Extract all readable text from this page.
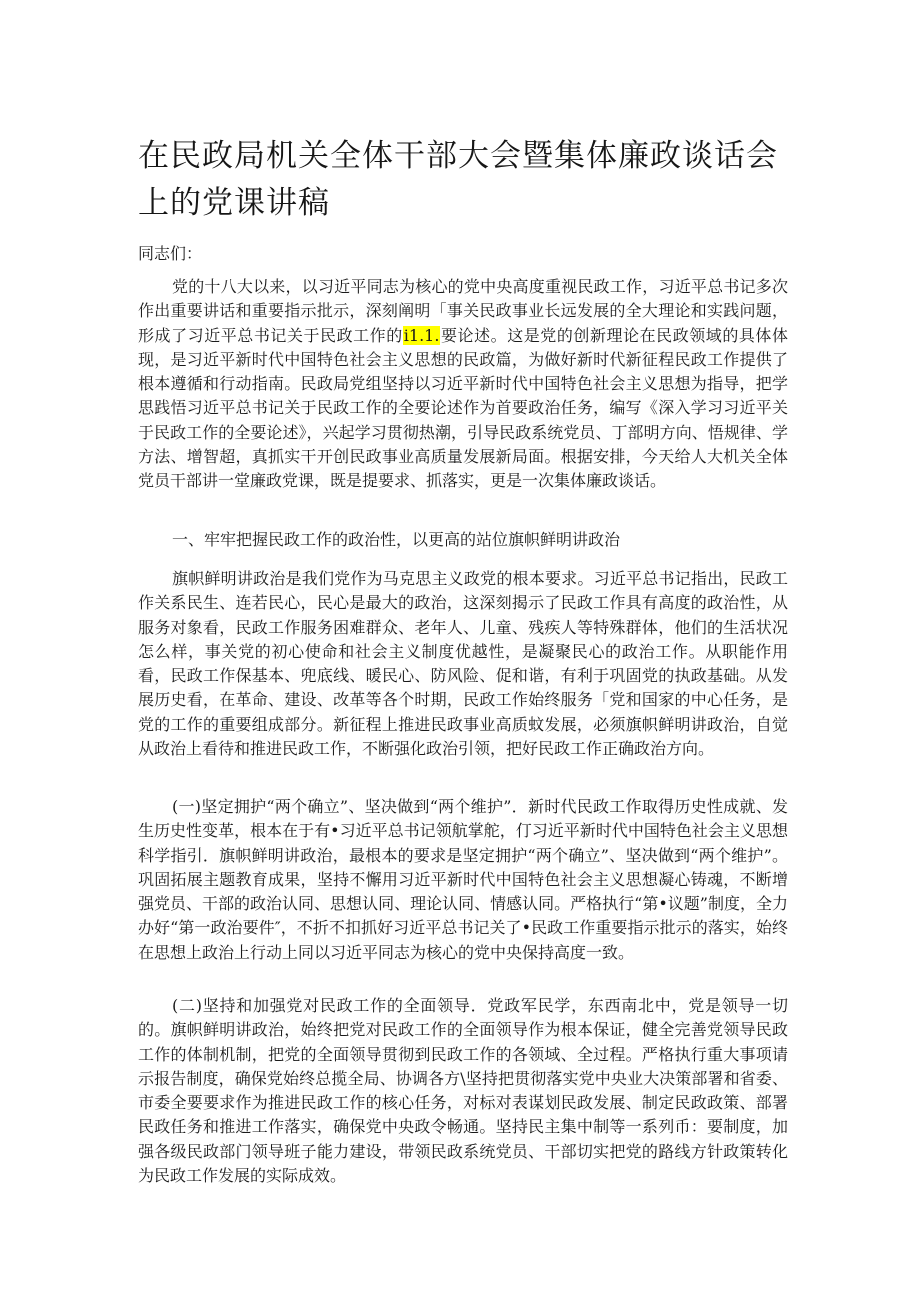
在民政局机关全体干部大会暨集体廉政谈话会上的党课讲稿

同志们：

党的十八大以来，以习近平同志为核心的党中央高度重视民政工作，习近平总书记多次作出重要讲话和重要指示批示，深刻阐明「事关民政事业长远发展的全大理论和实践问题，形成了习近平总书记关于民政工作的i1.1.要论述。这是党的创新理论在民政领域的具体体现，是习近平新时代中国特色社会主义思想的民政篇，为做好新时代新征程民政工作提供了根本遵循和行动指南。民政局党组坚持以习近平新时代中国特色社会主义思想为指导，把学思践悟习近平总书记关于民政工作的全要论述作为首要政治任务，编写《深入学习习近平关于民政工作的全要论述》，兴起学习贯彻热潮，引导民政系统党员、丁部明方向、悟规律、学方法、增智超，真抓实干开创民政事业高质量发展新局面。根据安排，今天给人大机关全体党员干部讲一堂廉政党课，既是提要求、抓落实，更是一次集体廉政谈话。

一、牢牢把握民政工作的政治性，以更高的站位旗帜鲜明讲政治

旗帜鲜明讲政治是我们党作为马克思主义政党的根本要求。习近平总书记指出，民政工作关系民生、连若民心，民心是最大的政治，这深刻揭示了民政工作具有高度的政治性，从服务对象看，民政工作服务困难群众、老年人、儿童、残疾人等特殊群体，他们的生活状况怎么样，事关党的初心使命和社会主义制度优越性，是凝聚民心的政治工作。从职能作用看，民政工作保基本、兜底线、暖民心、防风险、促和谐，有利于巩固党的执政基础。从发展历史看，在革命、建设、改革等各个时期，民政工作始终服务「党和国家的中心任务，是党的工作的重要组成部分。新征程上推进民政事业高质蚊发展，必须旗帜鲜明讲政治，自觉从政治上看待和推进民政工作，不断强化政治引领，把好民政工作正确政治方向。

(一)坚定拥护“两个确立”、坚决做到“两个维护”．新时代民政工作取得历史性成就、发生历史性变革，根本在于有•习近平总书记领航掌舵，仃习近平新时代中国特色社会主义思想科学指引．旗帜鲜明讲政治，最根本的要求是坚定拥护“两个确立”、坚决做到“两个维护”。巩固拓展主题教育成果，坚持不懈用习近平新时代中国特色社会主义思想凝心铸魂，不断增强党员、干部的政治认同、思想认同、理论认同、情感认同。严格执行“第•议题”制度，全力办好“第一政治要件″，不折不扣抓好习近平总书记关了•民政工作重要指示批示的落实，始终在思想上政治上行动上同以习近平同志为核心的党中央保持高度一致。

(二)坚持和加强党对民政工作的全面领导．党政军民学，东西南北中，党是领导一切的。旗帜鲜明讲政治，始终把党对民政工作的全面领导作为根本保证，健全完善党领导民政工作的体制机制，把党的全面领导贯彻到民政工作的各领域、全过程。严格执行重大事项请示报告制度，确保党始终总揽全局、协调各方\坚持把贯彻落实党中央业大决策部署和省委、市委全要要求作为推进民政工作的核心任务，对标对表谋划民政发展、制定民政政策、部署民政任务和推进工作落实，确保党中央政令畅通。坚持民主集中制等一系列币：要制度，加强各级民政部门领导班子能力建设，带领民政系统党员、干部切实把党的路线方针政策转化为民政工作发展的实际成效。
